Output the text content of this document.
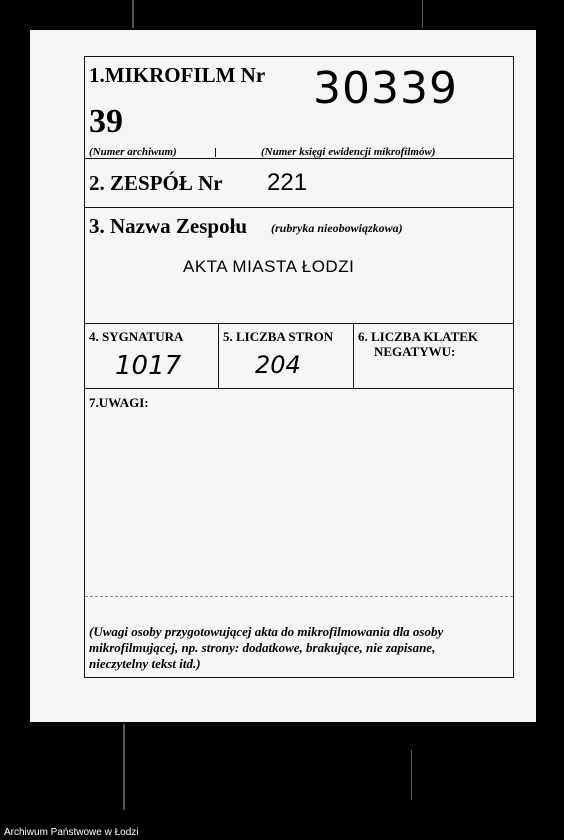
1.MIKROFILM Nr 30339
39
(Numer archiwum)	(Numer księgi ewidencji mikrofilmów)
2. ZESPÓŁ Nr 221
3. Nazwa Zespołu (rubryka nieobowiązkowa)
AKTA MIASTA ŁODZI
4. SYGNATURA
1017
5. LICZBA STRON
204
6. LICZBA KLATEK
NEGATYWU:
7.UWAGI:
(Uwagi osoby przygotowującej akta do mikrofilmowania dla osoby
mikrofilmującej, np. strony: dodatkowe, brakujące, nie zapisane,
nieczytelny tekst itd.)
Archiwum Państwowe w Łodzi
